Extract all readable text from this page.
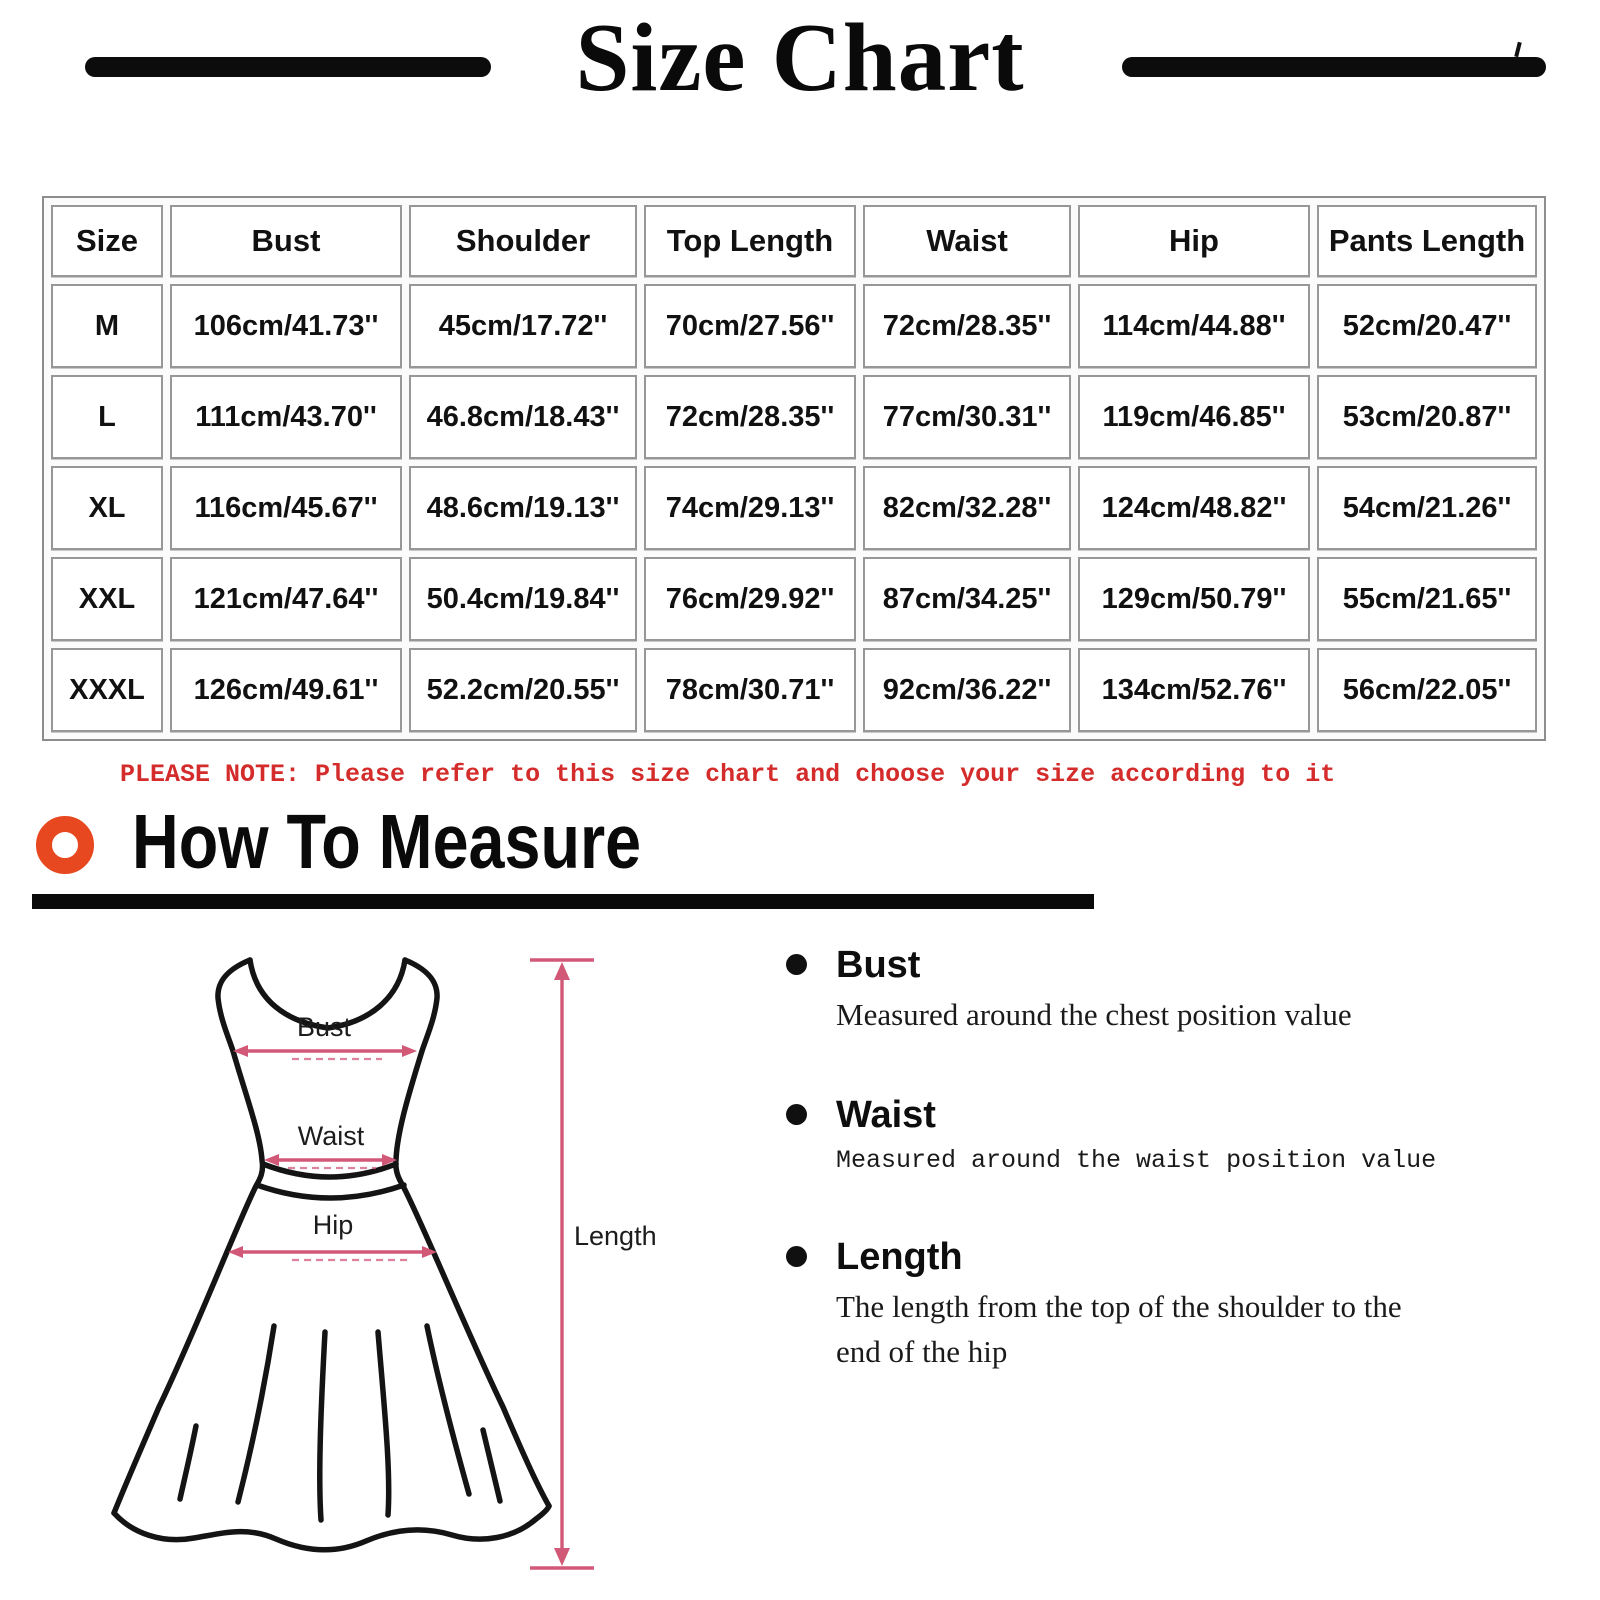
Size Chart
Size	Bust	Shoulder	Top Length	Waist	Hip	Pants Length
M	106cm/41.73''	45cm/17.72''	70cm/27.56''	72cm/28.35''	114cm/44.88''	52cm/20.47''
L	111cm/43.70''	46.8cm/18.43''	72cm/28.35''	77cm/30.31''	119cm/46.85''	53cm/20.87''
XL	116cm/45.67''	48.6cm/19.13''	74cm/29.13''	82cm/32.28''	124cm/48.82''	54cm/21.26''
XXL	121cm/47.64''	50.4cm/19.84''	76cm/29.92''	87cm/34.25''	129cm/50.79''	55cm/21.65''
XXXL	126cm/49.61''	52.2cm/20.55''	78cm/30.71''	92cm/36.22''	134cm/52.76''	56cm/22.05''
PLEASE NOTE: Please refer to this size chart and choose your size according to it
How To Measure
Bust
Waist
Hip	Length
Bust
Measured around the chest position value
Waist
Measured around the waist position value
Length
The length from the top of the shoulder to the end of the hip
